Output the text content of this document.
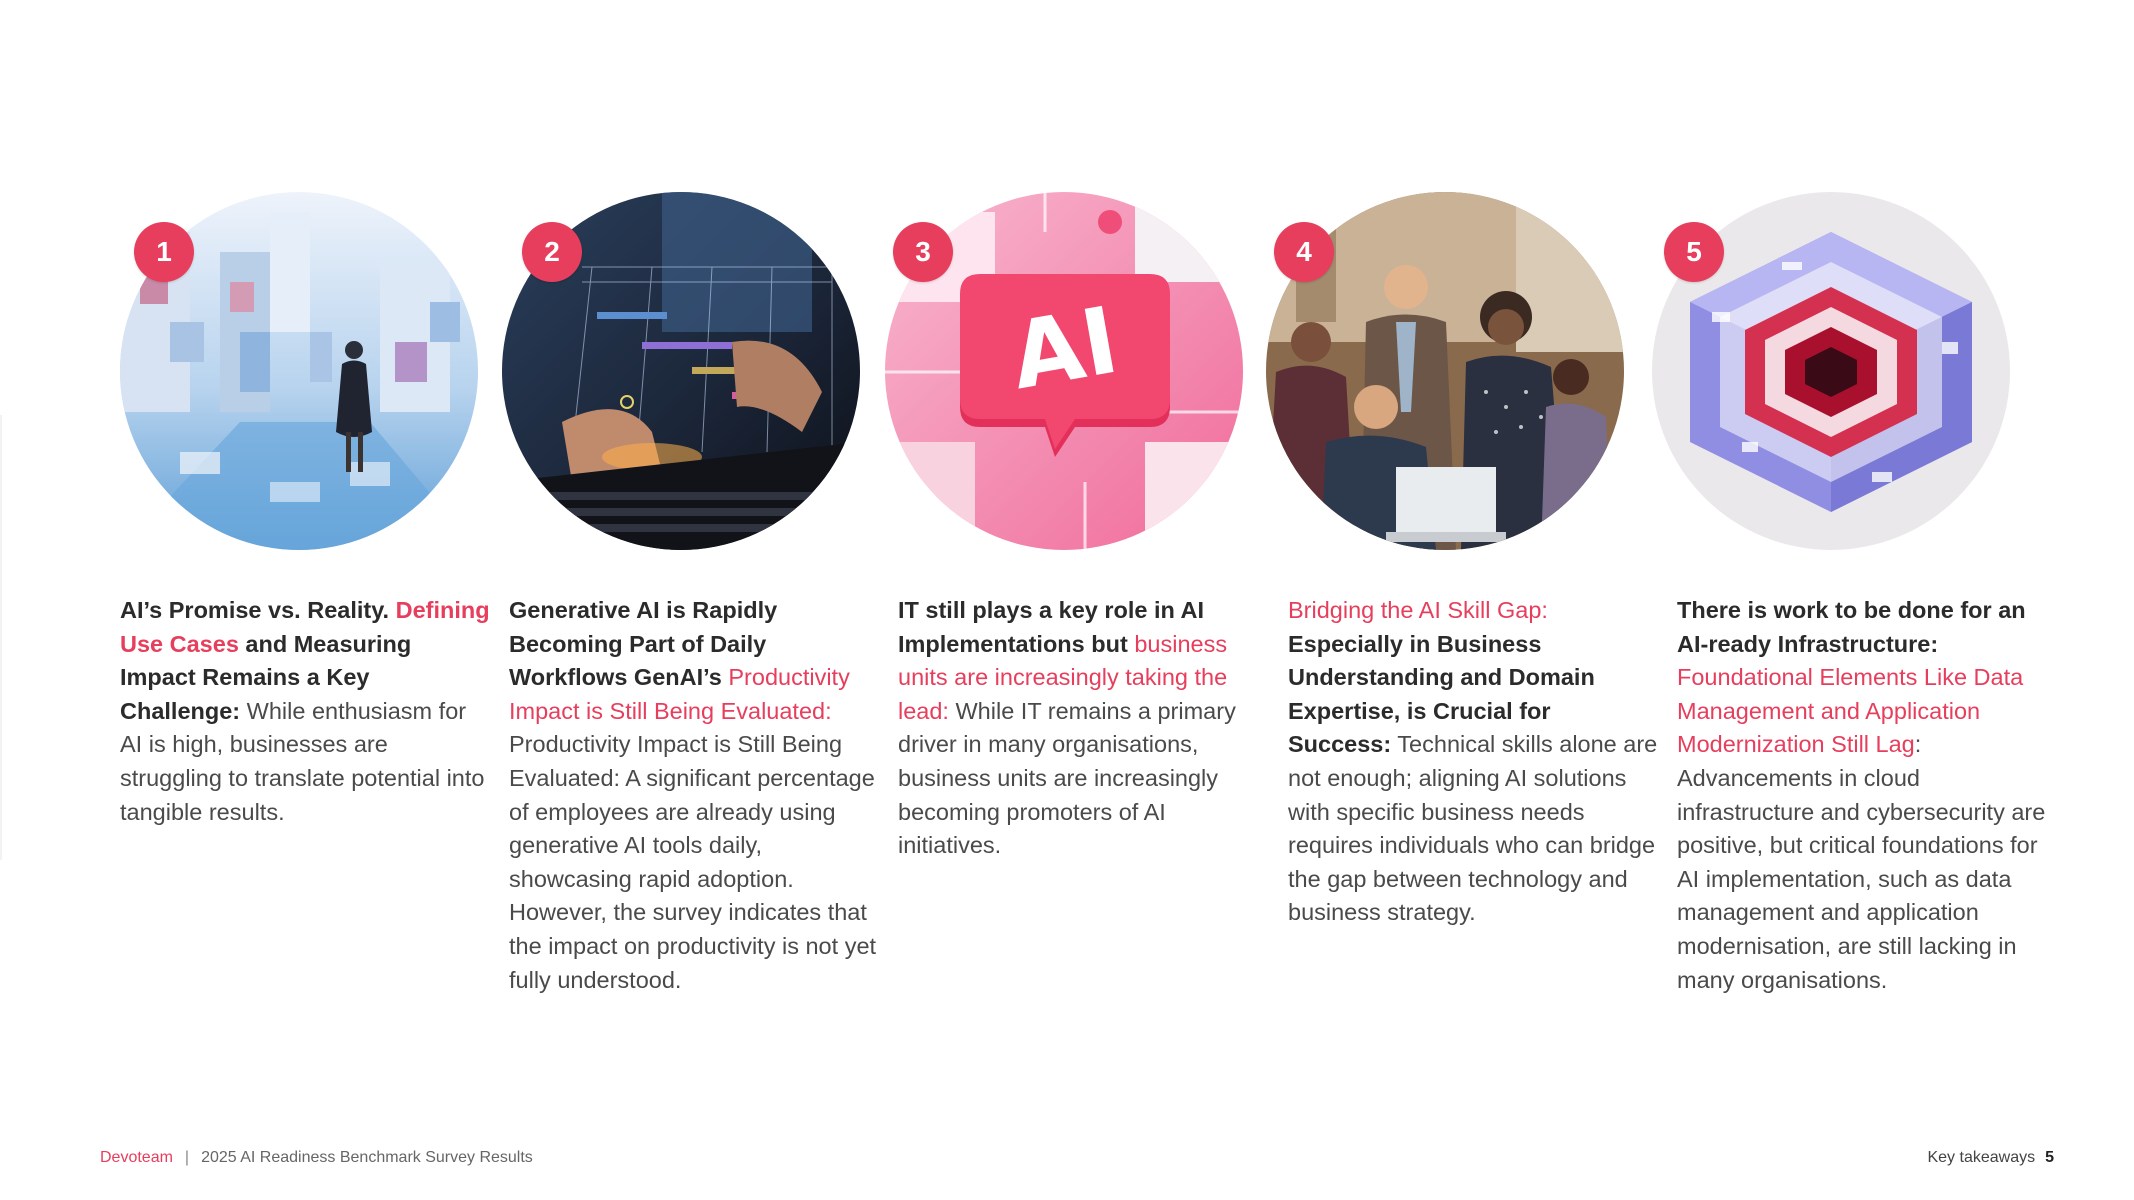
1
AI’s Promise vs. Reality. Defining Use Cases and Measuring Impact Remains a Key Challenge: While enthusiasm for AI is high, businesses are struggling to translate potential into tangible results.
2
Generative AI is Rapidly Becoming Part of Daily Workflows GenAI’s Productivity Impact is Still Being Evaluated: Productivity Impact is Still Being Evaluated: A significant percentage of employees are already using generative AI tools daily, showcasing rapid adoption. However, the survey indicates that the impact on productivity is not yet fully understood.
3
AI
IT still plays a key role in AI Implementations but business units are increasingly taking the lead: While IT remains a primary driver in many organisations, business units are increasingly becoming promoters of AI initiatives.
4
Bridging the AI Skill Gap: Especially in Business Understanding and Domain Expertise, is Crucial for Success: Technical skills alone are not enough; aligning AI solutions with specific business needs requires individuals who can bridge the gap between technology and business strategy.
5
There is work to be done for an AI-ready Infrastructure: Foundational Elements Like Data Management and Application Modernization Still Lag: Advancements in cloud infrastructure and cybersecurity are positive, but critical foundations for AI implementation, such as data management and application modernisation, are still lacking in many organisations.
Devoteam | 2025 AI Readiness Benchmark Survey Results	Key takeaways 5
